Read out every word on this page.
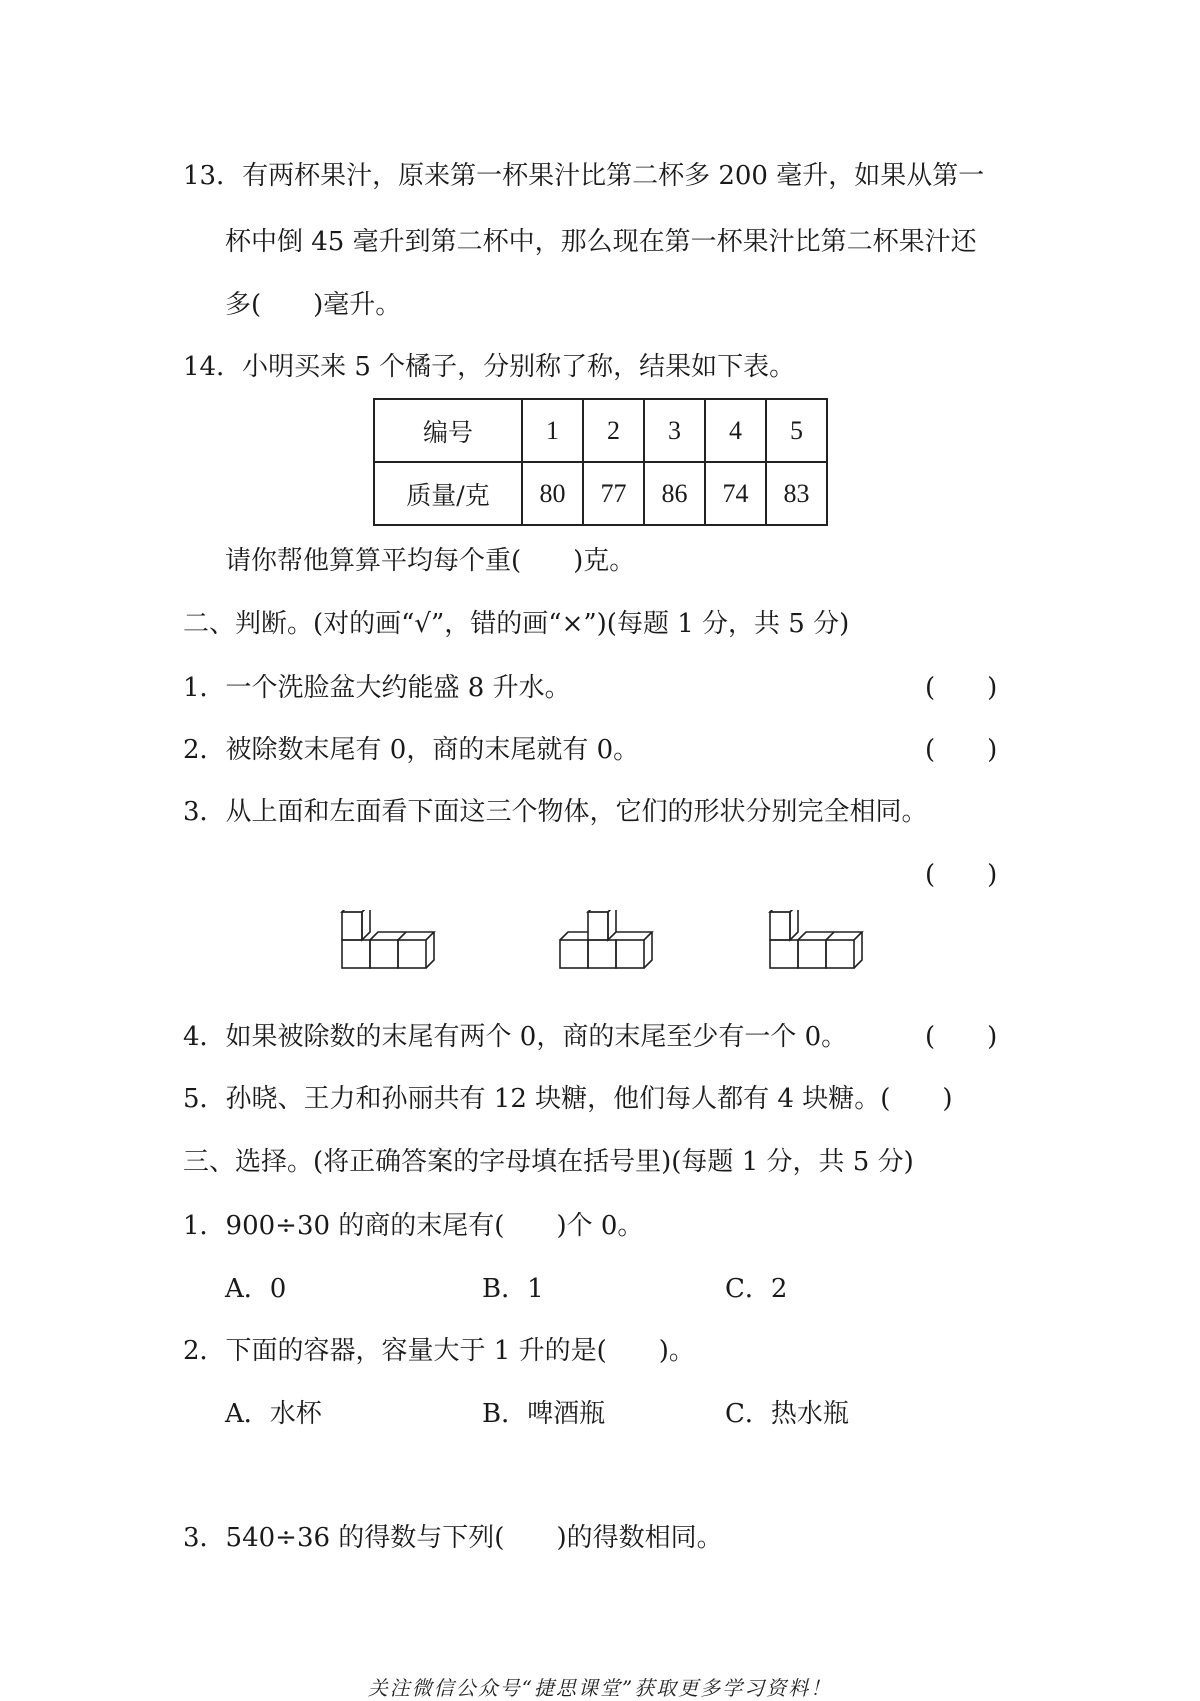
13．有两杯果汁，原来第一杯果汁比第二杯多 200 毫升，如果从第一
杯中倒 45 毫升到第二杯中，那么现在第一杯果汁比第二杯果汁还
多(　　)毫升。
14．小明买来 5 个橘子，分别称了称，结果如下表。
编号	1	2	3	4	5
质量/克	80	77	86	74	83
请你帮他算算平均每个重(　　)克。
二、判断。(对的画“√”，错的画“×”)(每题 1 分，共 5 分)
1．一个洗脸盆大约能盛 8 升水。	(　　)
2．被除数末尾有 0，商的末尾就有 0。	(　　)
3．从上面和左面看下面这三个物体，它们的形状分别完全相同。
(　　)
4．如果被除数的末尾有两个 0，商的末尾至少有一个 0。	(　　)
5．孙晓、王力和孙丽共有 12 块糖，他们每人都有 4 块糖。(　　)
三、选择。(将正确答案的字母填在括号里)(每题 1 分，共 5 分)
1．900÷30 的商的末尾有(　　)个 0。
A．0	B．1	C．2
2．下面的容器，容量大于 1 升的是(　　)。
A．水杯	B．啤酒瓶	C．热水瓶
3．540÷36 的得数与下列(　　)的得数相同。
关注微信公众号“捷思课堂”获取更多学习资料！
